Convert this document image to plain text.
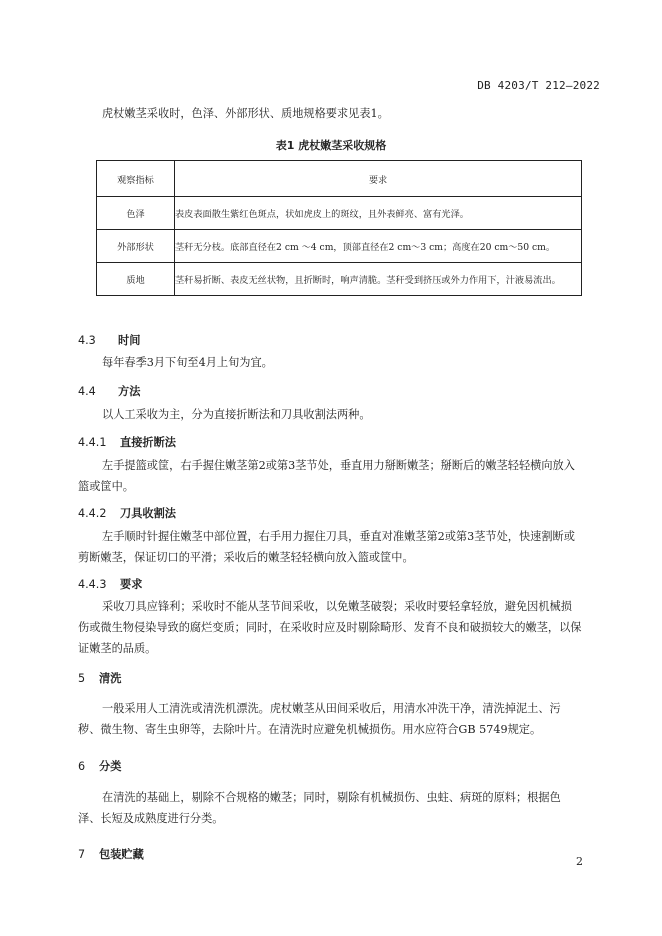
DB 4203/T 212—2022
虎杖嫩茎采收时，色泽、外部形状、质地规格要求见表1。
表1 虎杖嫩茎采收规格
观察指标	要求
色泽	表皮表面散生紫红色斑点，状如虎皮上的斑纹，且外表鲜亮、富有光泽。
外部形状	茎秆无分枝。底部直径在2 cm ～4 cm，顶部直径在2 cm～3 cm；高度在20 cm～50 cm。
质地	茎秆易折断、表皮无丝状物，且折断时，响声清脆。茎秆受到挤压或外力作用下，汁液易流出。
4.3 时间
每年春季3月下旬至4月上旬为宜。
4.4 方法
以人工采收为主，分为直接折断法和刀具收割法两种。
4.4.1 直接折断法
左手提篮或筐，右手握住嫩茎第2或第3茎节处，垂直用力掰断嫩茎；掰断后的嫩茎轻轻横向放入篮或筐中。
4.4.2 刀具收割法
左手顺时针握住嫩茎中部位置，右手用力握住刀具，垂直对准嫩茎第2或第3茎节处，快速割断或剪断嫩茎，保证切口的平滑；采收后的嫩茎轻轻横向放入篮或筐中。
4.4.3 要求
采收刀具应锋利；采收时不能从茎节间采收，以免嫩茎破裂；采收时要轻拿轻放，避免因机械损伤或微生物侵染导致的腐烂变质；同时，在采收时应及时剔除畸形、发育不良和破损较大的嫩茎，以保证嫩茎的品质。
5 清洗
一般采用人工清洗或清洗机漂洗。虎杖嫩茎从田间采收后，用清水冲洗干净，清洗掉泥土、污秽、微生物、寄生虫卵等，去除叶片。在清洗时应避免机械损伤。用水应符合GB 5749规定。
6 分类
在清洗的基础上，剔除不合规格的嫩茎；同时，剔除有机械损伤、虫蛀、病斑的原料；根据色泽、长短及成熟度进行分类。
7 包装贮藏
2
